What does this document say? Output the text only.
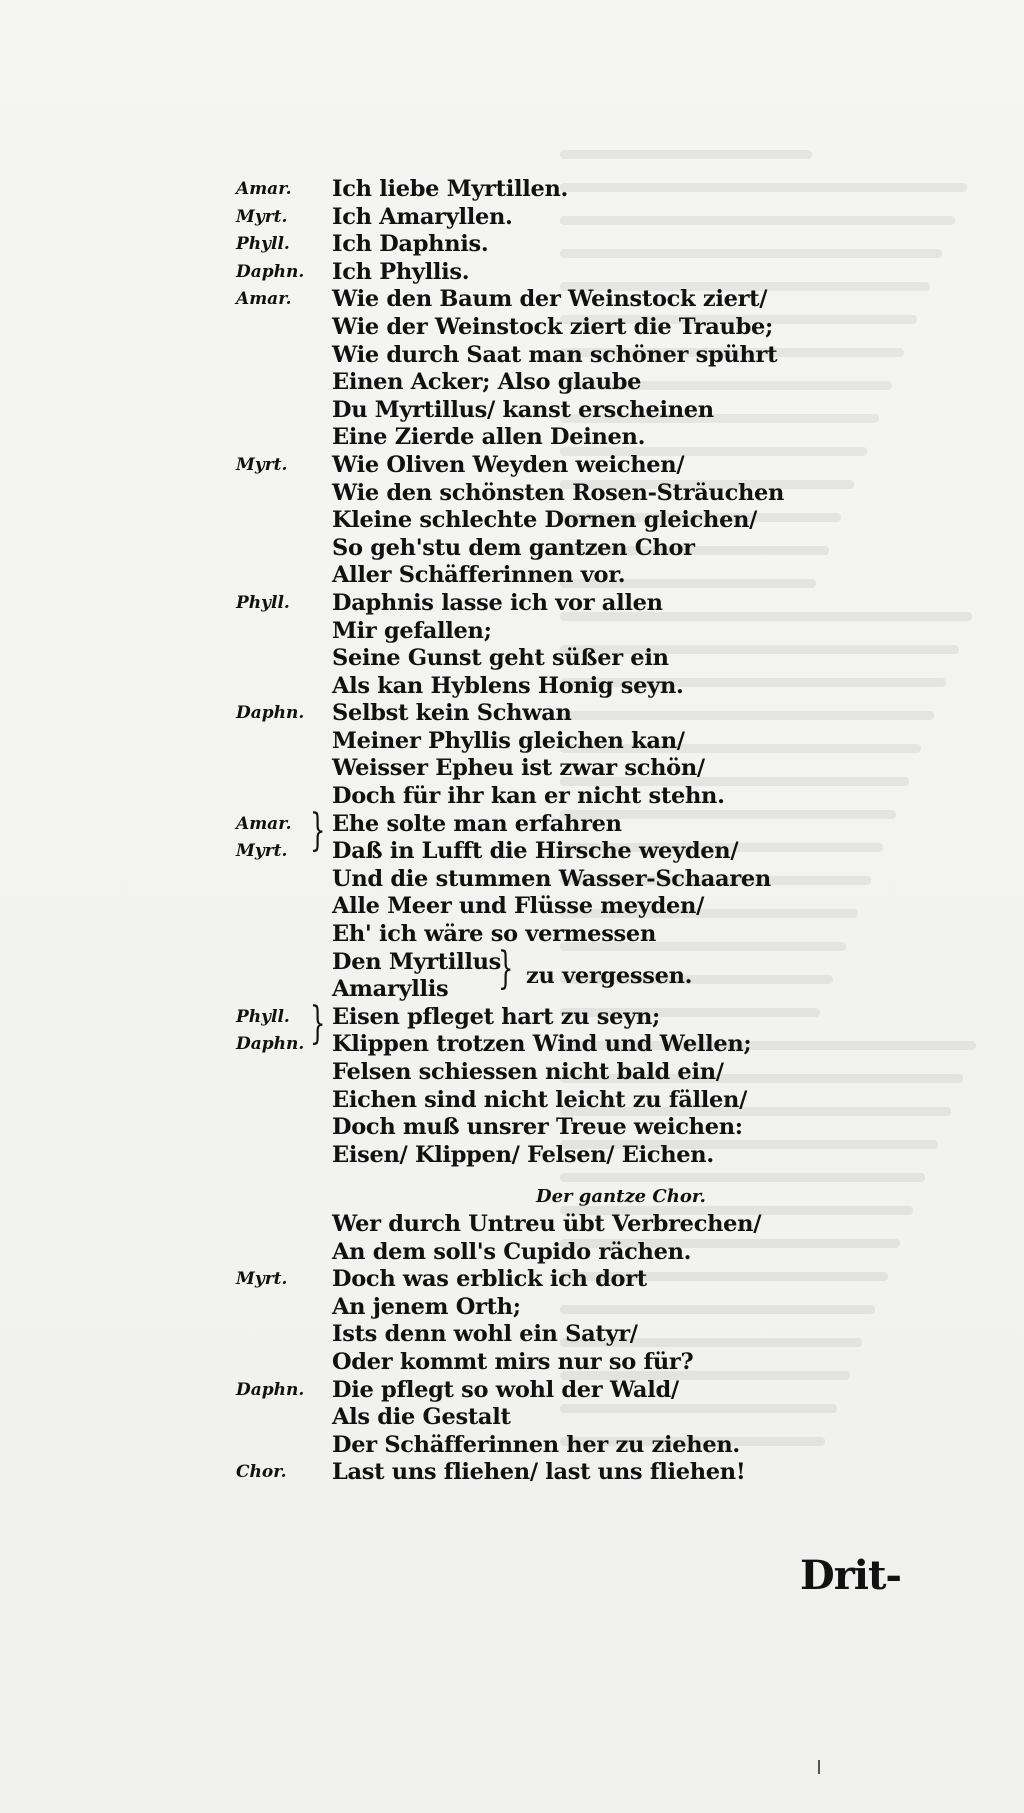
Amar.	Ich liebe Myrtillen.
Myrt.	Ich Amaryllen.
Phyll.	Ich Daphnis.
Daphn.	Ich Phyllis.
Amar.	Wie den Baum der Weinstock ziert/
Wie der Weinstock ziert die Traube;
Wie durch Saat man schöner spührt
Einen Acker; Also glaube
Du Myrtillus/ kanst erscheinen
Eine Zierde allen Deinen.
Myrt.	Wie Oliven Weyden weichen/
Wie den schönsten Rosen-Sträuchen
Kleine schlechte Dornen gleichen/
So geh'stu dem gantzen Chor
Aller Schäfferinnen vor.
Phyll.	Daphnis lasse ich vor allen
Mir gefallen;
Seine Gunst geht süßer ein
Als kan Hyblens Honig seyn.
Daphn.	Selbst kein Schwan
Meiner Phyllis gleichen kan/
Weisser Epheu ist zwar schön/
Doch für ihr kan er nicht stehn.
Amar.	Ehe solte man erfahren
}
Myrt.	Daß in Lufft die Hirsche weyden/
Und die stummen Wasser-Schaaren
Alle Meer und Flüsse meyden/
Eh' ich wäre so vermessen
Den Myrtillus
} zu vergessen.
Amaryllis
Phyll.	Eisen pfleget hart zu seyn;
}
Daphn.	Klippen trotzen Wind und Wellen;
Felsen schiessen nicht bald ein/
Eichen sind nicht leicht zu fällen/
Doch muß unsrer Treue weichen:
Eisen/ Klippen/ Felsen/ Eichen.
Der gantze Chor.
Wer durch Untreu übt Verbrechen/
An dem soll's Cupido rächen.
Myrt.	Doch was erblick ich dort
An jenem Orth;
Ists denn wohl ein Satyr/
Oder kommt mirs nur so für?
Daphn.	Die pflegt so wohl der Wald/
Als die Gestalt
Der Schäfferinnen her zu ziehen.
Chor.	Last uns fliehen/ last uns fliehen!
Drit-
